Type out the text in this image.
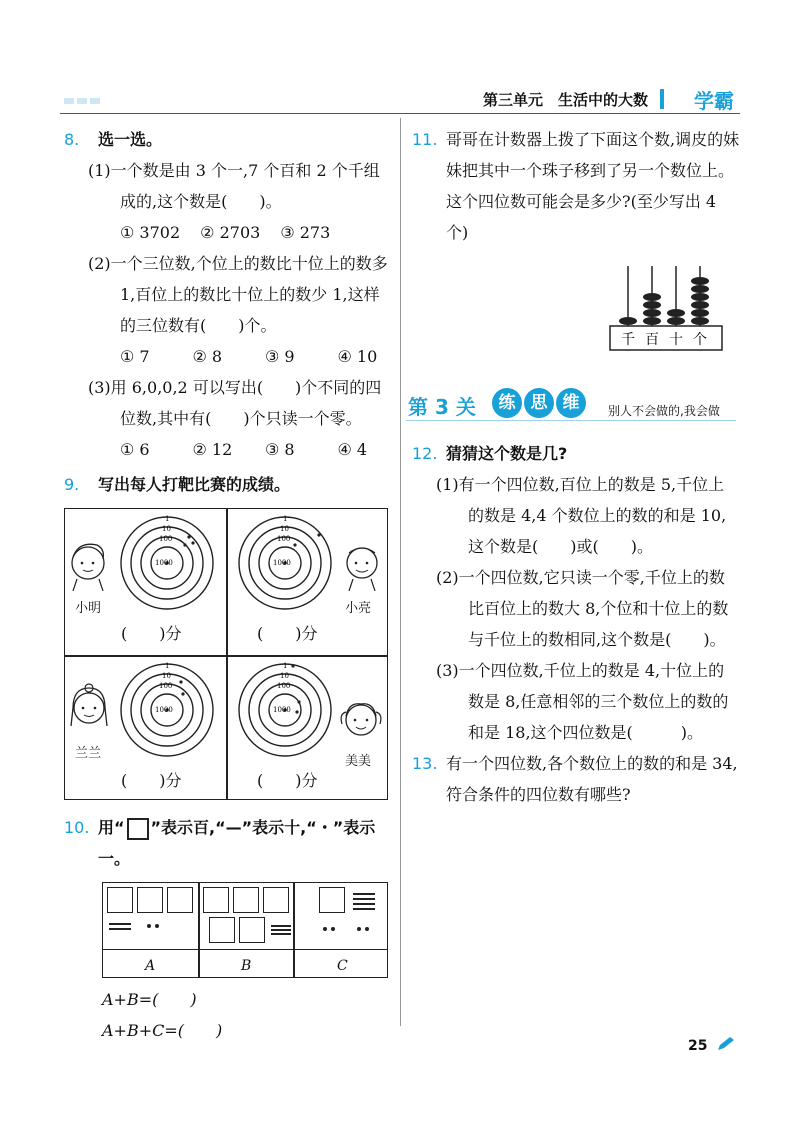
第三单元　生活中的大数 学霸
8.	选一选。
(1)一个数是由 3 个一,7 个百和 2 个千组成的,这个数是(　　)。
① 3702 ② 2703 ③ 273
(2)一个三位数,个位上的数比十位上的数多 1,百位上的数比十位上的数少 1,这样的三位数有(　　)个。
① 7	② 8	③ 9	④ 10
(3)用 6,0,0,2 可以写出(　　)个不同的四位数,其中有(　　)个只读一个零。
① 6	② 12	③ 8	④ 4
9.	写出每人打靶比赛的成绩。
小明
1
10
100
1000
(　　)分
1
10
100
1000
小亮
(　　)分
兰兰
1
10
100
1000
(　　)分
1
10
100
1000
美美
(　　)分
10. 用“ ”表示百,“—”表示十,“・”表示一。
A	B	C
A+B=(　　)
A+B+C=(　　)
11. 哥哥在计数器上拨了下面这个数,调皮的妹妹把其中一个珠子移到了另一个数位上。这个四位数可能会是多少?(至少写出 4 个)
千 百 十 个
第 3 关	练 思 维	别人不会做的,我会做
12. 猜猜这个数是几?
(1)有一个四位数,百位上的数是 5,千位上的数是 4,4 个数位上的数的和是 10,这个数是(　　)或(　　)。
(2)一个四位数,它只读一个零,千位上的数比百位上的数大 8,个位和十位上的数与千位上的数相同,这个数是(　　)。
(3)一个四位数,千位上的数是 4,十位上的数是 8,任意相邻的三个数位上的数的和是 18,这个四位数是(　　　)。
13. 有一个四位数,各个数位上的数的和是 34,符合条件的四位数有哪些?
25
